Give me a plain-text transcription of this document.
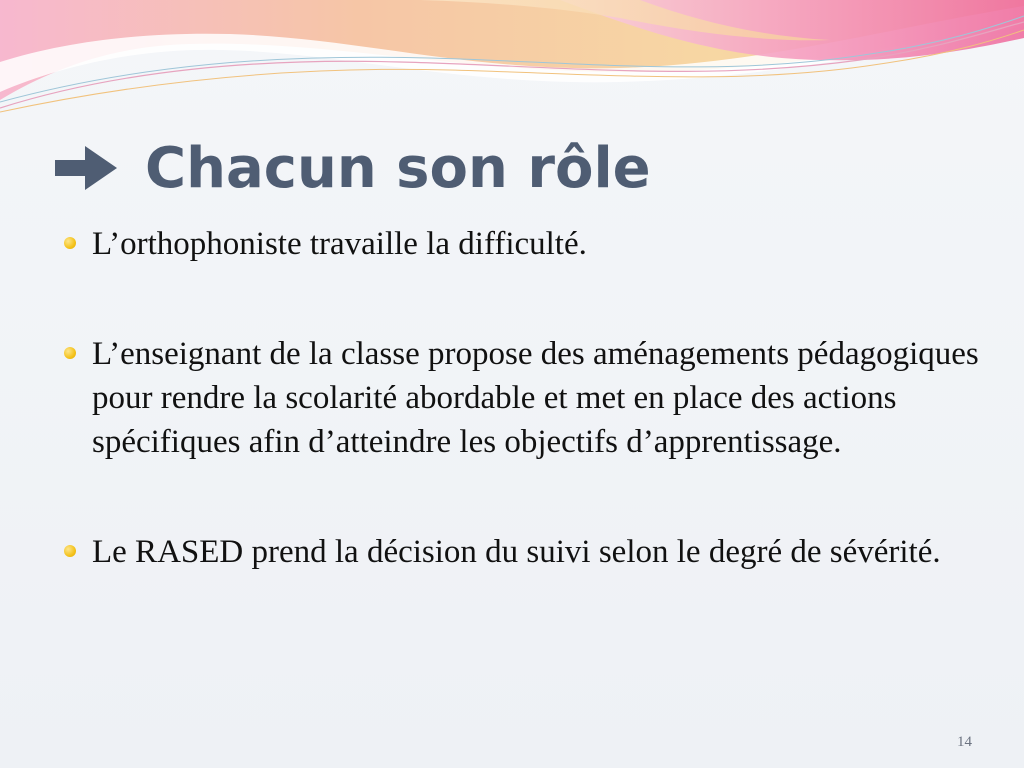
Chacun son rôle
L’orthophoniste travaille la difficulté.
L’enseignant de la classe propose des aménagements pédagogiques pour rendre la scolarité abordable et met en place des actions spécifiques afin d’atteindre les objectifs d’apprentissage.
Le RASED prend la décision du suivi selon le degré de sévérité.
14
